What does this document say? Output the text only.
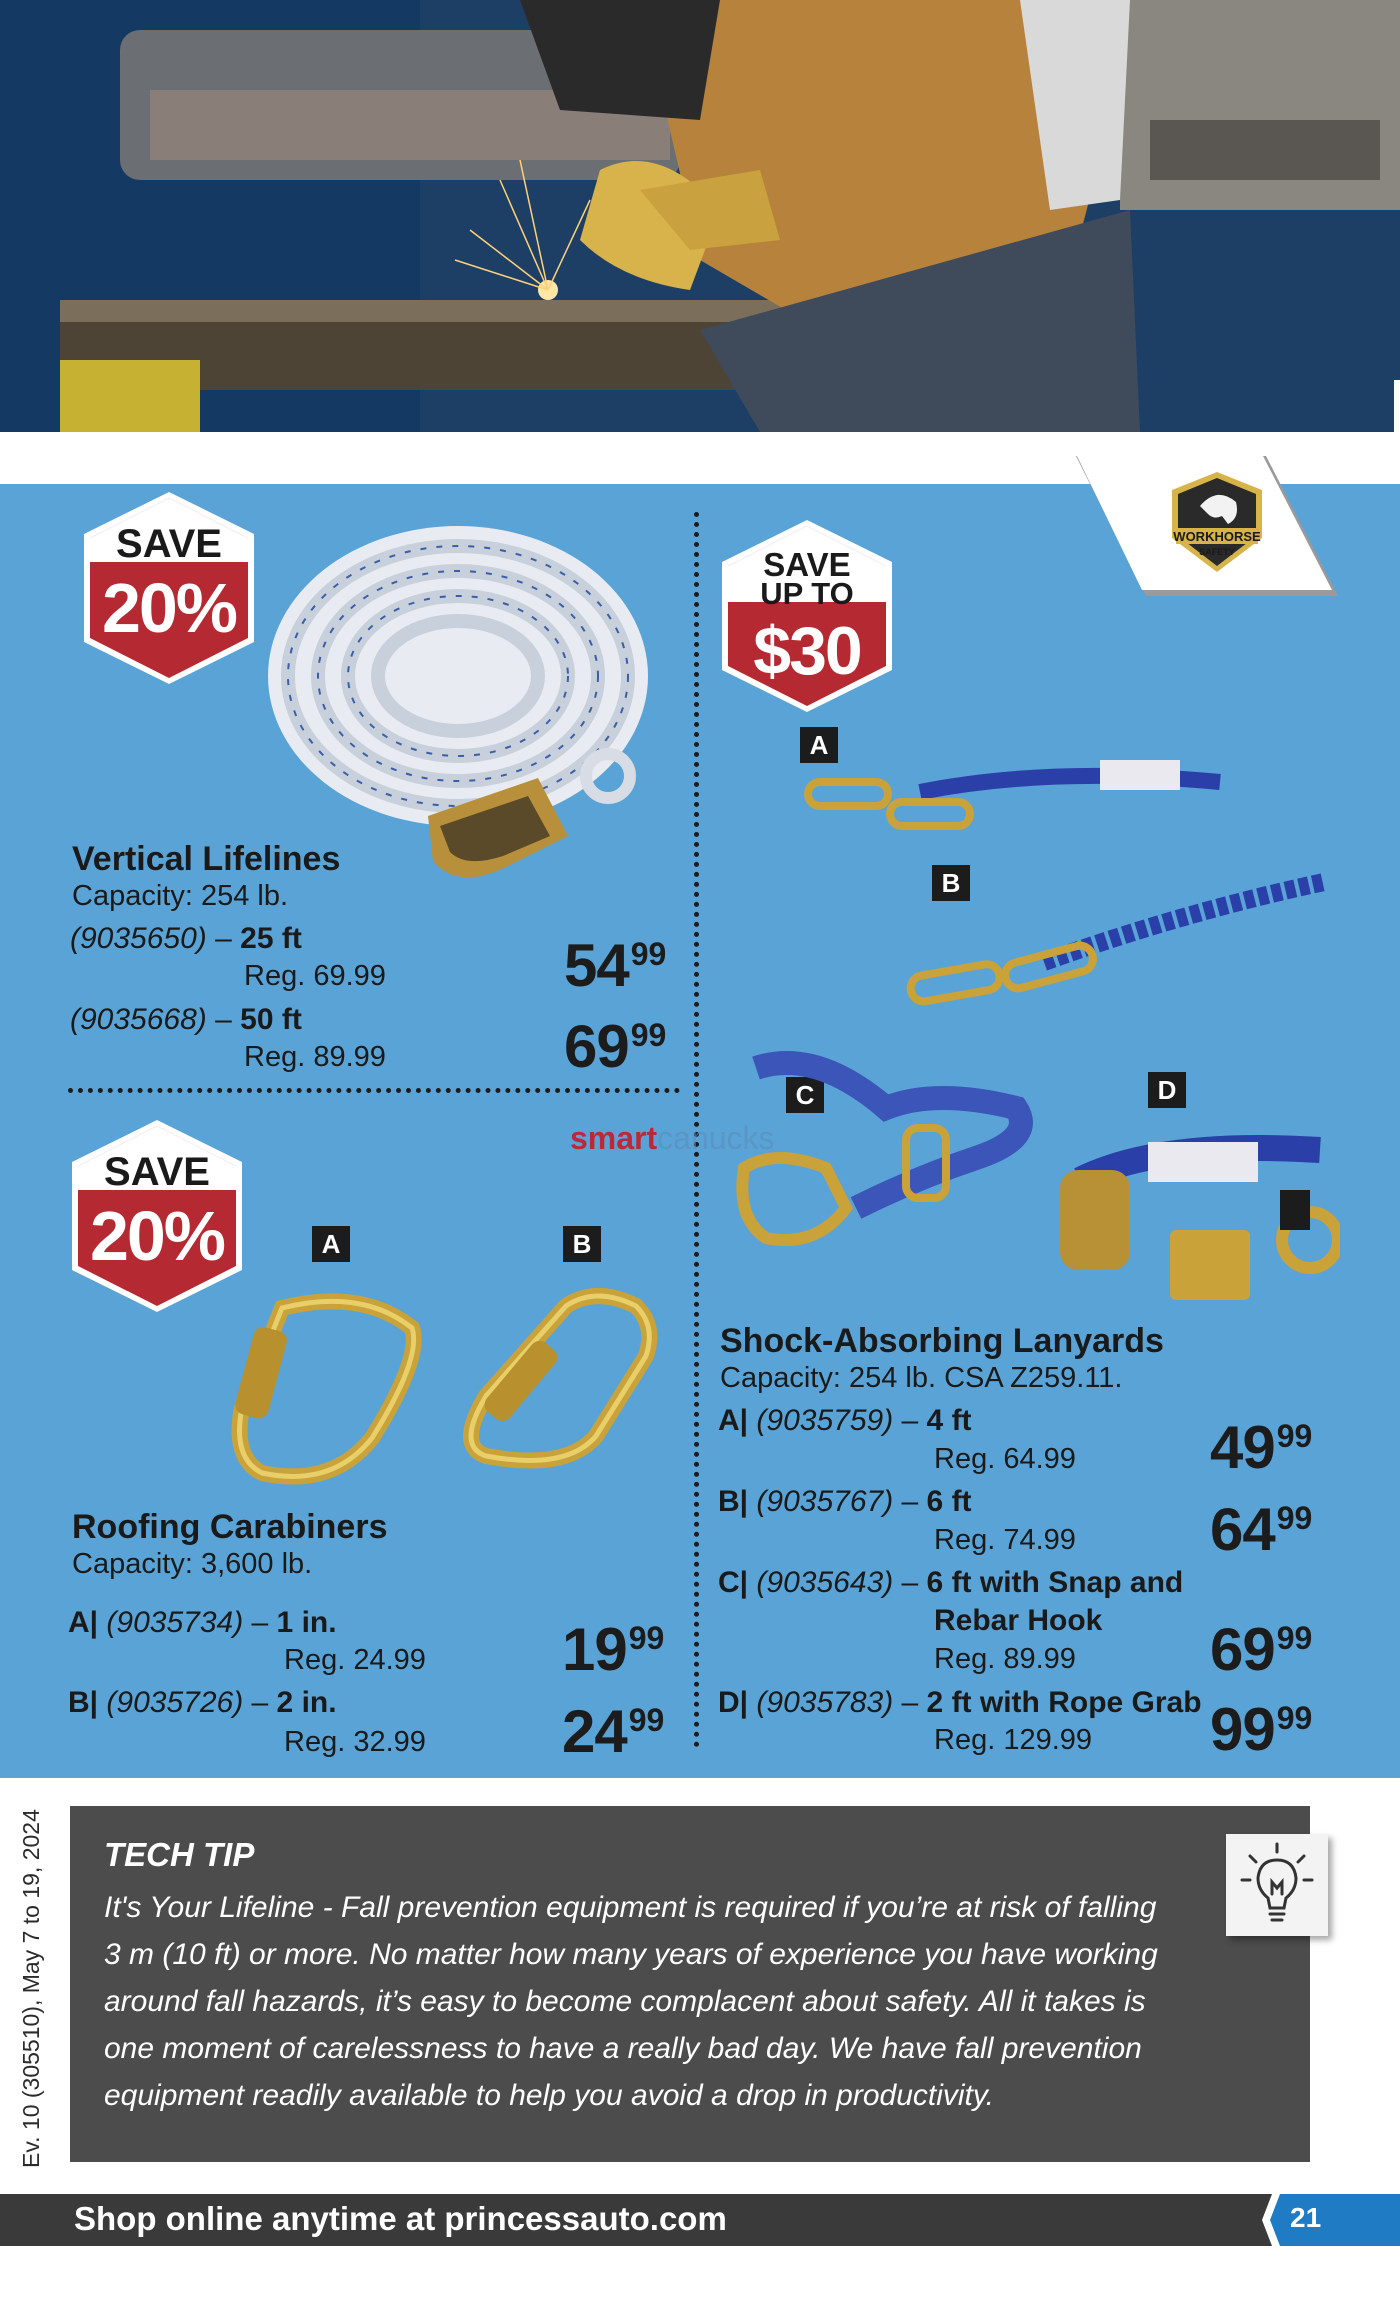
WORKHORSE
SAFETY
SAVE
20%
Vertical Lifelines
Capacity: 254 lb.
(9035650) – 25 ft
Reg. 69.99	$54^{99}$
(9035668) – 50 ft
Reg. 89.99	$69^{99}$
smartcanucks
SAVE
20%	A	B
Roofing Carabiners
Capacity: 3,600 lb.
A| (9035734) – 1 in.
Reg. 24.99 $19^{99}$
B| (9035726) – 2 in.
Reg. 32.99 $24^{99}$
SAVE
UP TO
$30
A
B
C	D
Shock-Absorbing Lanyards
Capacity: 254 lb. CSA Z259.11.
A| (9035759) – 4 ft
Reg. 64.99 $49^{99}$
B| (9035767) – 6 ft
Reg. 74.99 $64^{99}$
C| (9035643) – 6 ft with Snap and
Rebar Hook
Reg. 89.99 $69^{99}$
D| (9035783) – 2 ft with Rope Grab
Reg. 129.99 $99^{99}$
Ev. 10 (305510), May 7 to 19, 2024 TECH TIP
It's Your Lifeline - Fall prevention equipment is required if you’re at risk of falling
3 m (10 ft) or more. No matter how many years of experience you have working
around fall hazards, it’s easy to become complacent about safety. All it takes is
one moment of carelessness to have a really bad day. We have fall prevention
equipment readily available to help you avoid a drop in productivity.
Shop online anytime at princessauto.com	21
